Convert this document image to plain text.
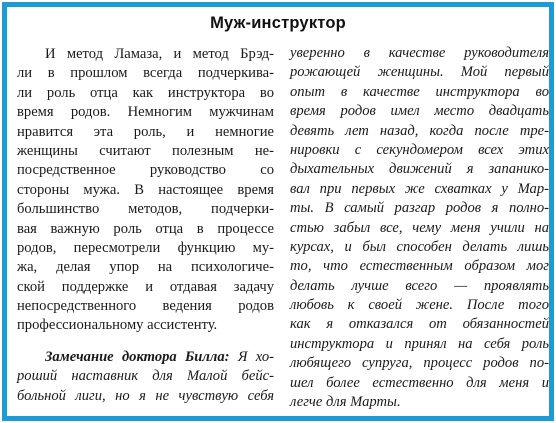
Муж-инструктор
И метод Ламаза, и метод Брэд-
ли в прошлом всегда подчеркива-
ли роль отца как инструктора во
время родов. Немногим мужчинам
нравится эта роль, и немногие
женщины считают полезным не-
посредственное руководство со
стороны мужа. В настоящее время
большинство методов, подчерки-
вая важную роль отца в процессе
родов, пересмотрели функцию му-
жа, делая упор на психологиче-
ской поддержке и отдавая задачу
непосредственного ведения родов
профессиональному ассистенту.
Замечание доктора Билла: Я хо-
роший наставник для Малой бейс-
больной лиги, но я не чувствую себя
уверенно в качестве руководителя
рожающей женщины. Мой первый
опыт в качестве инструктора во
время родов имел место двадцать
девять лет назад, когда после тре-
нировки с секундомером всех этих
дыхательных движений я запанико-
вал при первых же схватках у Мар-
ты. В самый разгар родов я полно-
стью забыл все, чему меня учили на
курсах, и был способен делать лишь
то, что естественным образом мог
делать лучше всего — проявлять
любовь к своей жене. После того
как я отказался от обязанностей
инструктора и принял на себя роль
любящего супруга, процесс родов по-
шел более естественно для меня и
легче для Марты.
